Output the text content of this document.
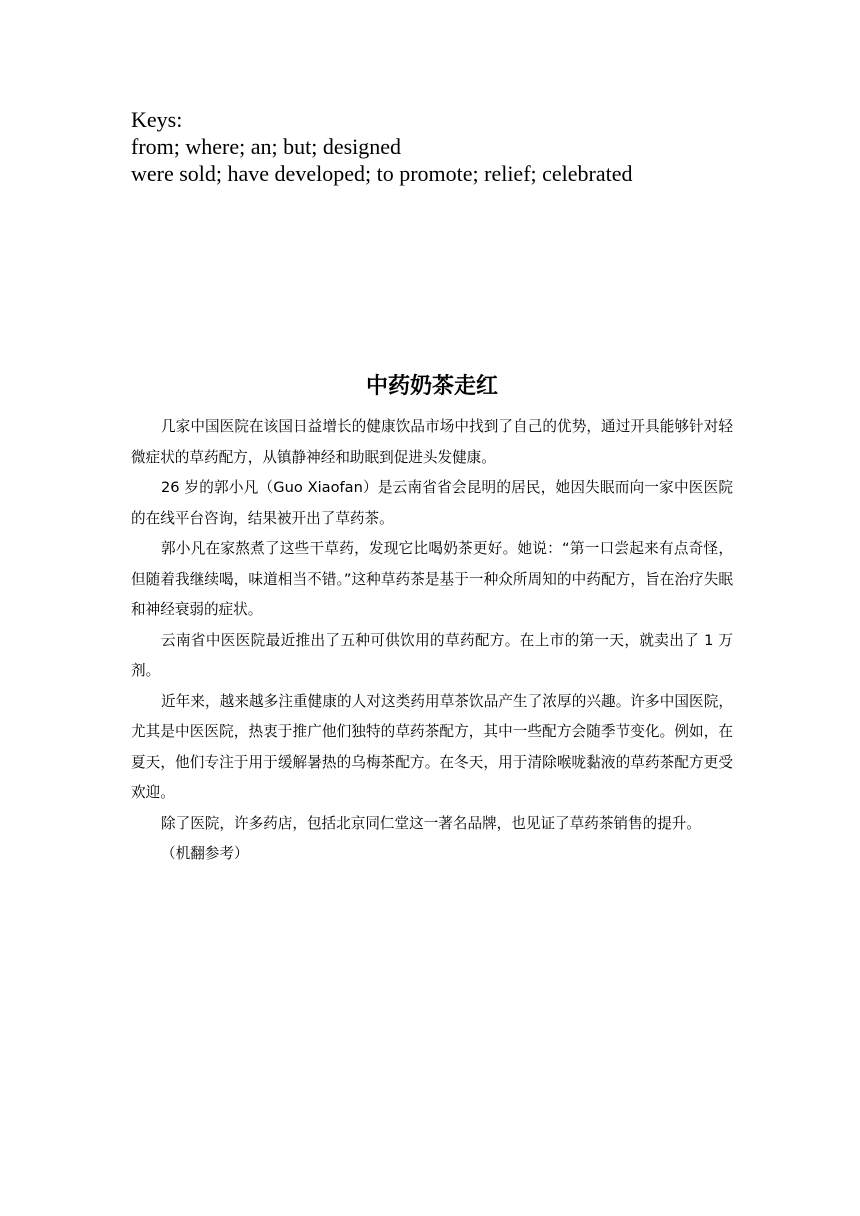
Keys:
from; where; an; but; designed
were sold; have developed; to promote; relief; celebrated
中药奶茶走红

几家中国医院在该国日益增长的健康饮品市场中找到了自己的优势，通过开具能够针对轻微症状的草药配方，从镇静神经和助眠到促进头发健康。

26 岁的郭小凡（Guo Xiaofan）是云南省省会昆明的居民，她因失眠而向一家中医医院的在线平台咨询，结果被开出了草药茶。

郭小凡在家熬煮了这些干草药，发现它比喝奶茶更好。她说：“第一口尝起来有点奇怪，但随着我继续喝，味道相当不错。”这种草药茶是基于一种众所周知的中药配方，旨在治疗失眠和神经衰弱的症状。

云南省中医医院最近推出了五种可供饮用的草药配方。在上市的第一天，就卖出了 1 万剂。

近年来，越来越多注重健康的人对这类药用草茶饮品产生了浓厚的兴趣。许多中国医院，尤其是中医医院，热衷于推广他们独特的草药茶配方，其中一些配方会随季节变化。例如，在夏天，他们专注于用于缓解暑热的乌梅茶配方。在冬天，用于清除喉咙黏液的草药茶配方更受欢迎。

除了医院，许多药店，包括北京同仁堂这一著名品牌，也见证了草药茶销售的提升。

（机翻参考）
